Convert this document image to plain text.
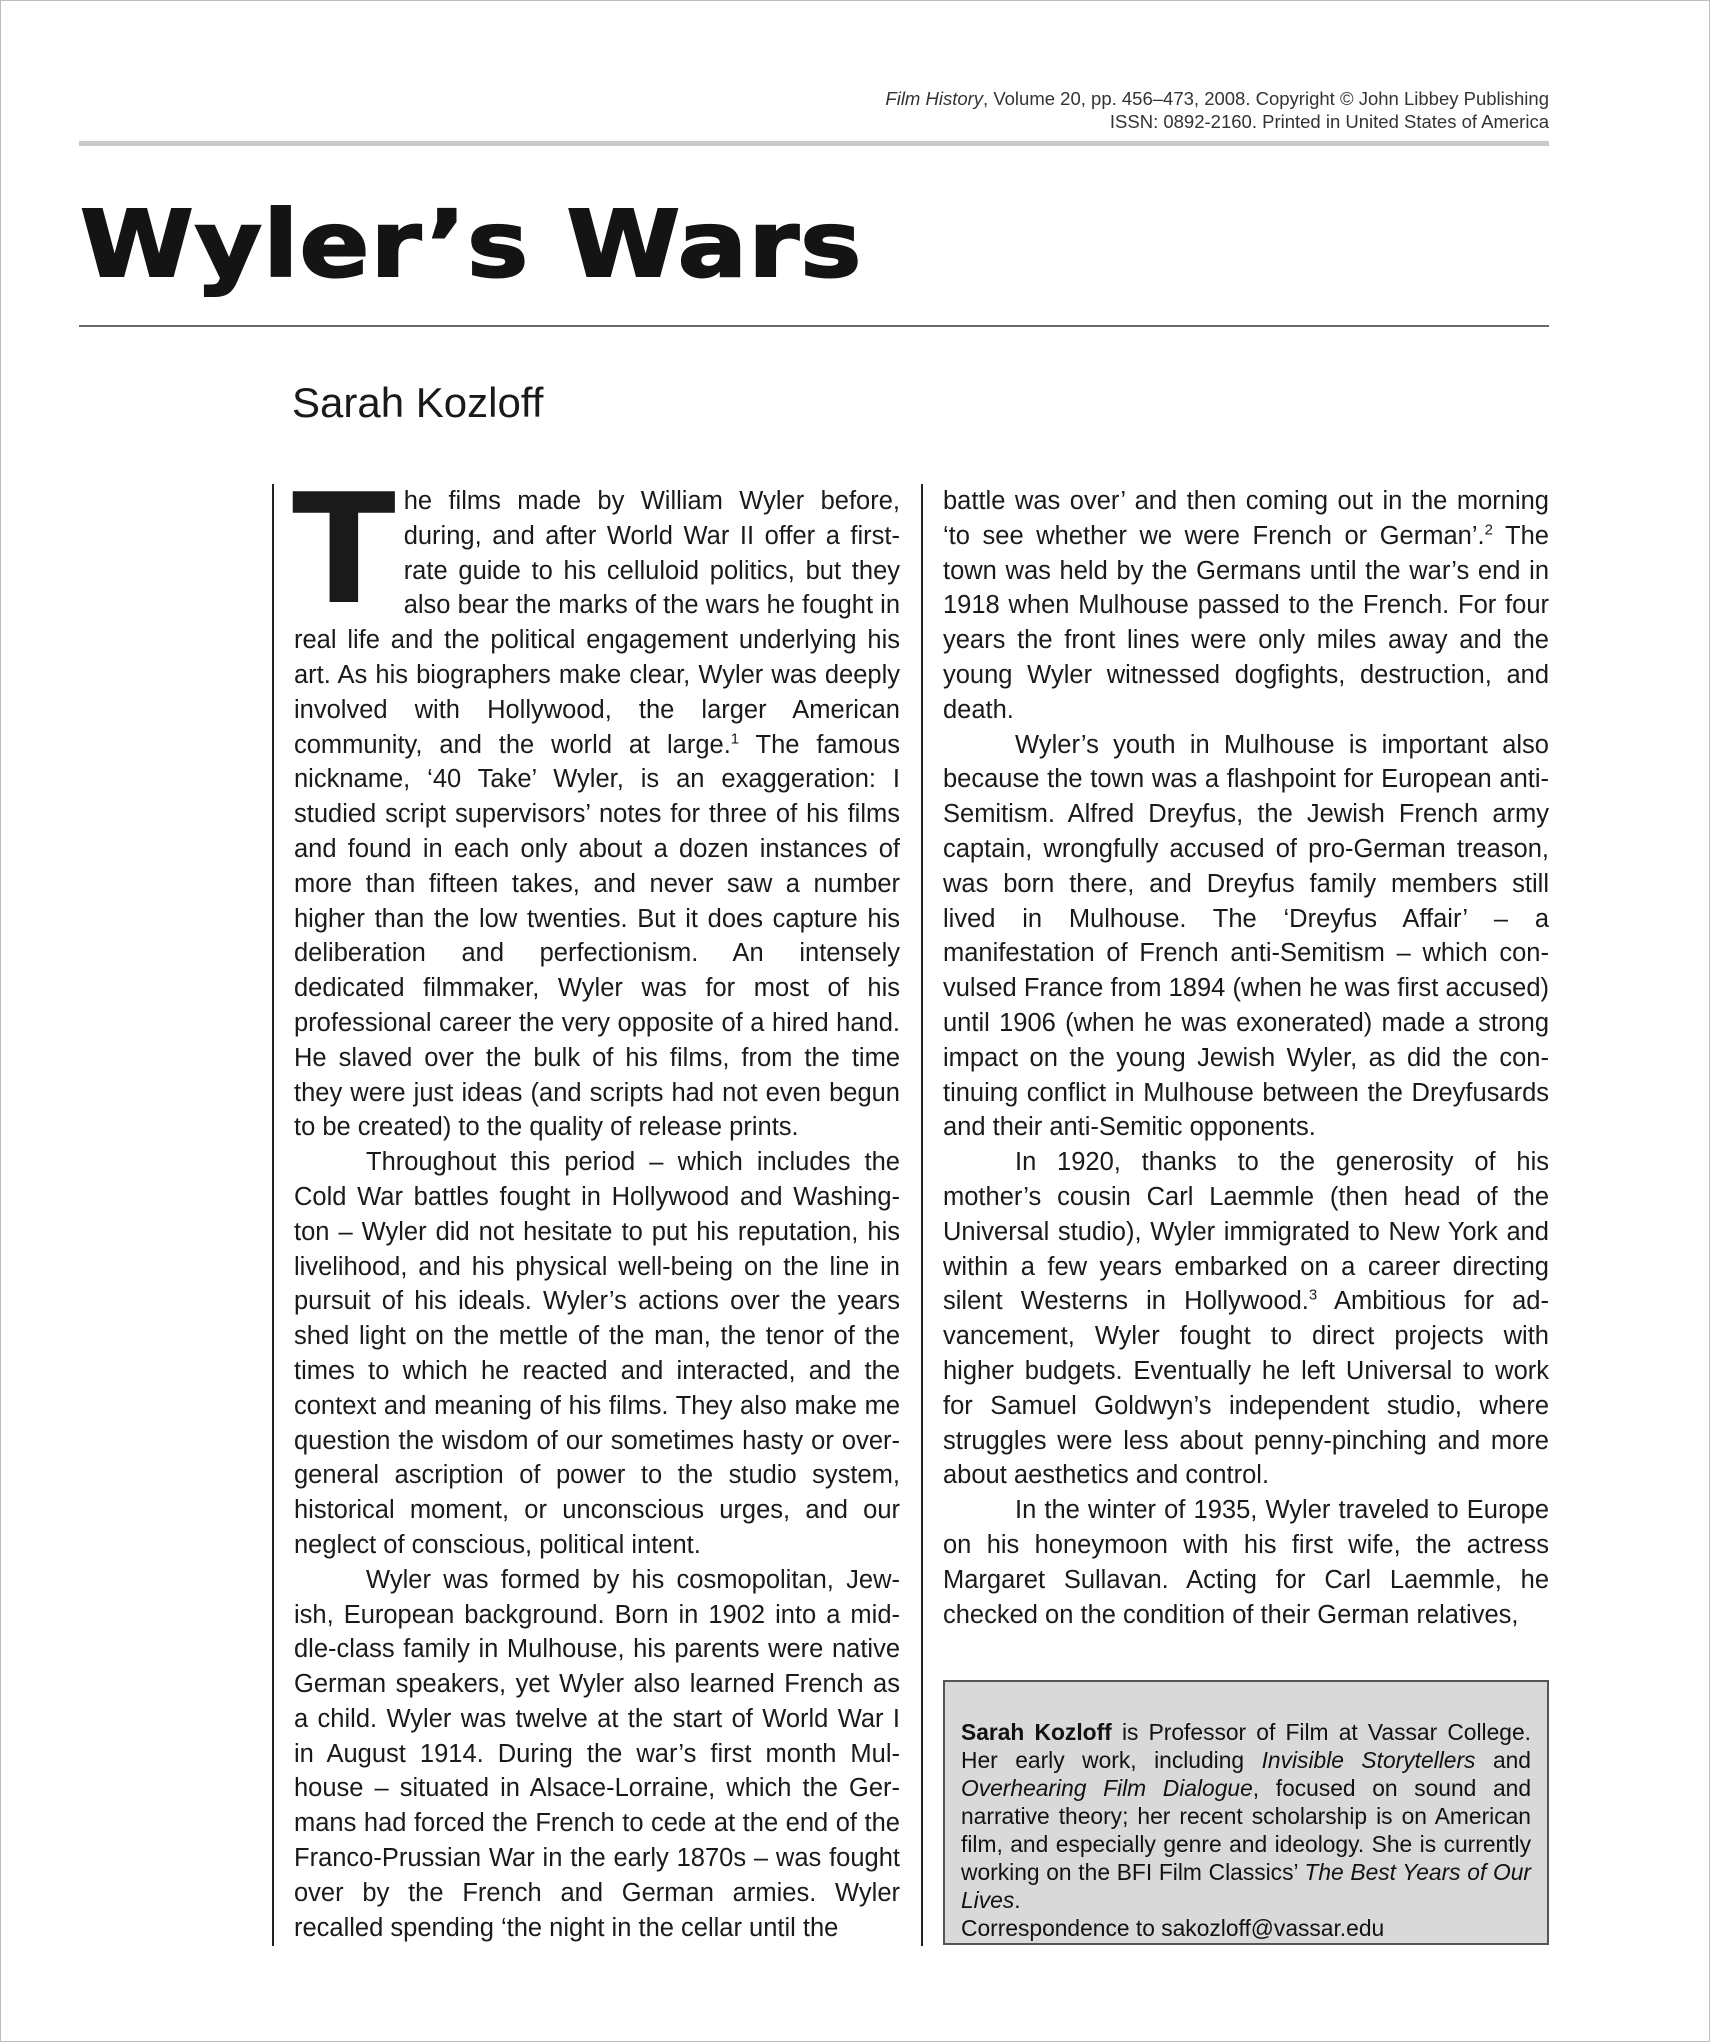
Film History, Volume 20, pp. 456–473, 2008. Copyright © John Libbey Publishing
ISSN: 0892-2160. Printed in United States of America
Wyler’s Wars
Sarah Kozloff

The films made by William Wyler before, during, and after World War II offer a first-rate guide to his celluloid politics, but they also bear the marks of the wars he fought in real life and the political engagement underlying his art. As his biographers make clear, Wyler was deeply involved with Hollywood, the larger American community, and the world at large.$^1$ The famous nickname, ‘40 Take’ Wyler, is an exaggeration: I studied script supervisors’ notes for three of his films and found in each only about a dozen instances of more than fifteen takes, and never saw a number higher than the low twenties. But it does capture his deliberation and perfectionism. An intensely dedicated filmmaker, Wyler was for most of his professional career the very opposite of a hired hand. He slaved over the bulk of his films, from the time they were just ideas (and scripts had not even begun to be created) to the quality of release prints.

Throughout this period – which includes the Cold War battles fought in Hollywood and Washington – Wyler did not hesitate to put his reputation, his livelihood, and his physical well-being on the line in pursuit of his ideals. Wyler’s actions over the years shed light on the mettle of the man, the tenor of the times to which he reacted and interacted, and the context and meaning of his films. They also make me question the wisdom of our sometimes hasty or over-general ascription of power to the studio system, historical moment, or unconscious urges, and our neglect of conscious, political intent.

Wyler was formed by his cosmopolitan, Jewish, European background. Born in 1902 into a middle-class family in Mulhouse, his parents were native German speakers, yet Wyler also learned French as a child. Wyler was twelve at the start of World War I in August 1914. During the war’s first month Mulhouse – situated in Alsace-Lorraine, which the Germans had forced the French to cede at the end of the Franco-Prussian War in the early 1870s – was fought over by the French and German armies. Wyler recalled spending ‘the night in the cellar until the

battle was over’ and then coming out in the morning ‘to see whether we were French or German’.$^2$ The town was held by the Germans until the war’s end in 1918 when Mulhouse passed to the French. For four years the front lines were only miles away and the young Wyler witnessed dogfights, destruction, and death.

Wyler’s youth in Mulhouse is important also because the town was a flashpoint for European anti-Semitism. Alfred Dreyfus, the Jewish French army captain, wrongfully accused of pro-German treason, was born there, and Dreyfus family members still lived in Mulhouse. The ‘Dreyfus Affair’ – a manifestation of French anti-Semitism – which convulsed France from 1894 (when he was first accused) until 1906 (when he was exonerated) made a strong impact on the young Jewish Wyler, as did the continuing conflict in Mulhouse between the Dreyfusards and their anti-Semitic opponents.

In 1920, thanks to the generosity of his mother’s cousin Carl Laemmle (then head of the Universal studio), Wyler immigrated to New York and within a few years embarked on a career directing silent Westerns in Hollywood.$^3$ Ambitious for advancement, Wyler fought to direct projects with higher budgets. Eventually he left Universal to work for Samuel Goldwyn’s independent studio, where struggles were less about penny-pinching and more about aesthetics and control.

In the winter of 1935, Wyler traveled to Europe on his honeymoon with his first wife, the actress Margaret Sullavan. Acting for Carl Laemmle, he checked on the condition of their German relatives,

Sarah Kozloff is Professor of Film at Vassar College. Her early work, including Invisible Storytellers and Overhearing Film Dialogue, focused on sound and narrative theory; her recent scholarship is on American film, and especially genre and ideology. She is currently working on the BFI Film Classics’ The Best Years of Our Lives.

Correspondence to sakozloff@vassar.edu
